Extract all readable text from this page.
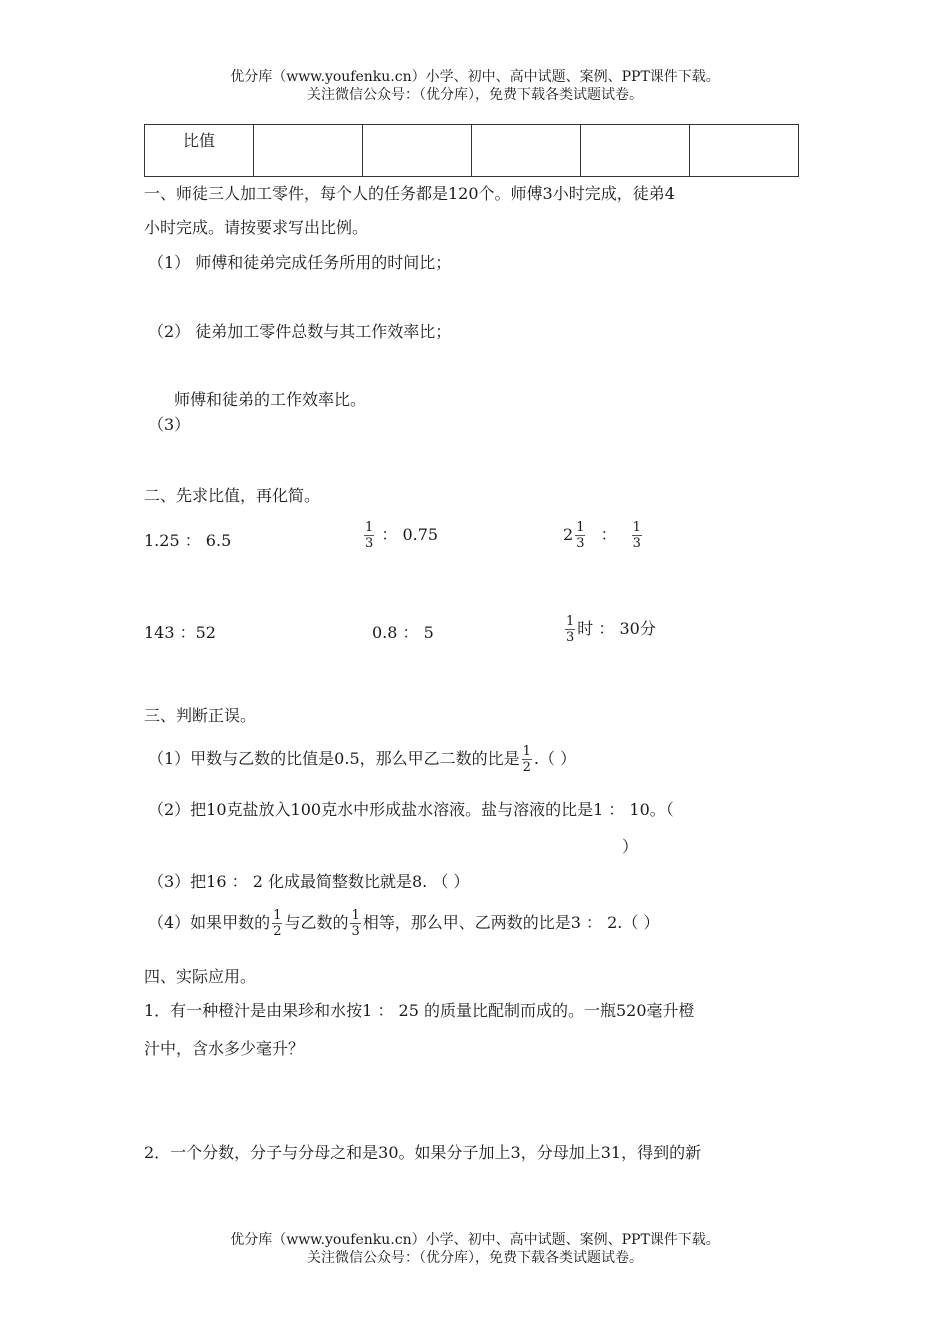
优分库（www.youfenku.cn）小学、初中、高中试题、案例、PPT课件下载。
关注微信公众号：（优分库），免费下载各类试题试卷。
比值					
一、师徒三人加工零件，每个人的任务都是120个。师傅3小时完成，徒弟4
小时完成。请按要求写出比例。
（1） 师傅和徒弟完成任务所用的时间比；
（2） 徒弟加工零件总数与其工作效率比；
师傅和徒弟的工作效率比。
（3）
二、先求比值，再化简。
1.25 ： 6.5	$\frac{1}{3}$ ： 0.75	$2 \frac{1}{3}$ ： $\frac{1}{3}$
143 ：52	0.8 ： 5	$\frac{1}{3}$ 时 ： 30分
三、判断正误。
（1）甲数与乙数的比值是0.5，那么甲乙二数的比是 $\frac{1}{2}$ .（ ）
（2）把10克盐放入100克水中形成盐水溶液。盐与溶液的比是1 ： 10。（
）
（3）把16 ： 2 化成最简整数比就是8. （ ）
（4）如果甲数的 $\frac{1}{2}$ 与乙数的 $\frac{1}{3}$ 相等，那么甲、乙两数的比是3 ： 2.（ ）
四、实际应用。
1．有一种橙汁是由果珍和水按1 ： 25 的质量比配制而成的。一瓶520毫升橙
汁中，含水多少毫升？
2．一个分数，分子与分母之和是30。如果分子加上3，分母加上31，得到的新
优分库（www.youfenku.cn）小学、初中、高中试题、案例、PPT课件下载。
关注微信公众号：（优分库），免费下载各类试题试卷。
